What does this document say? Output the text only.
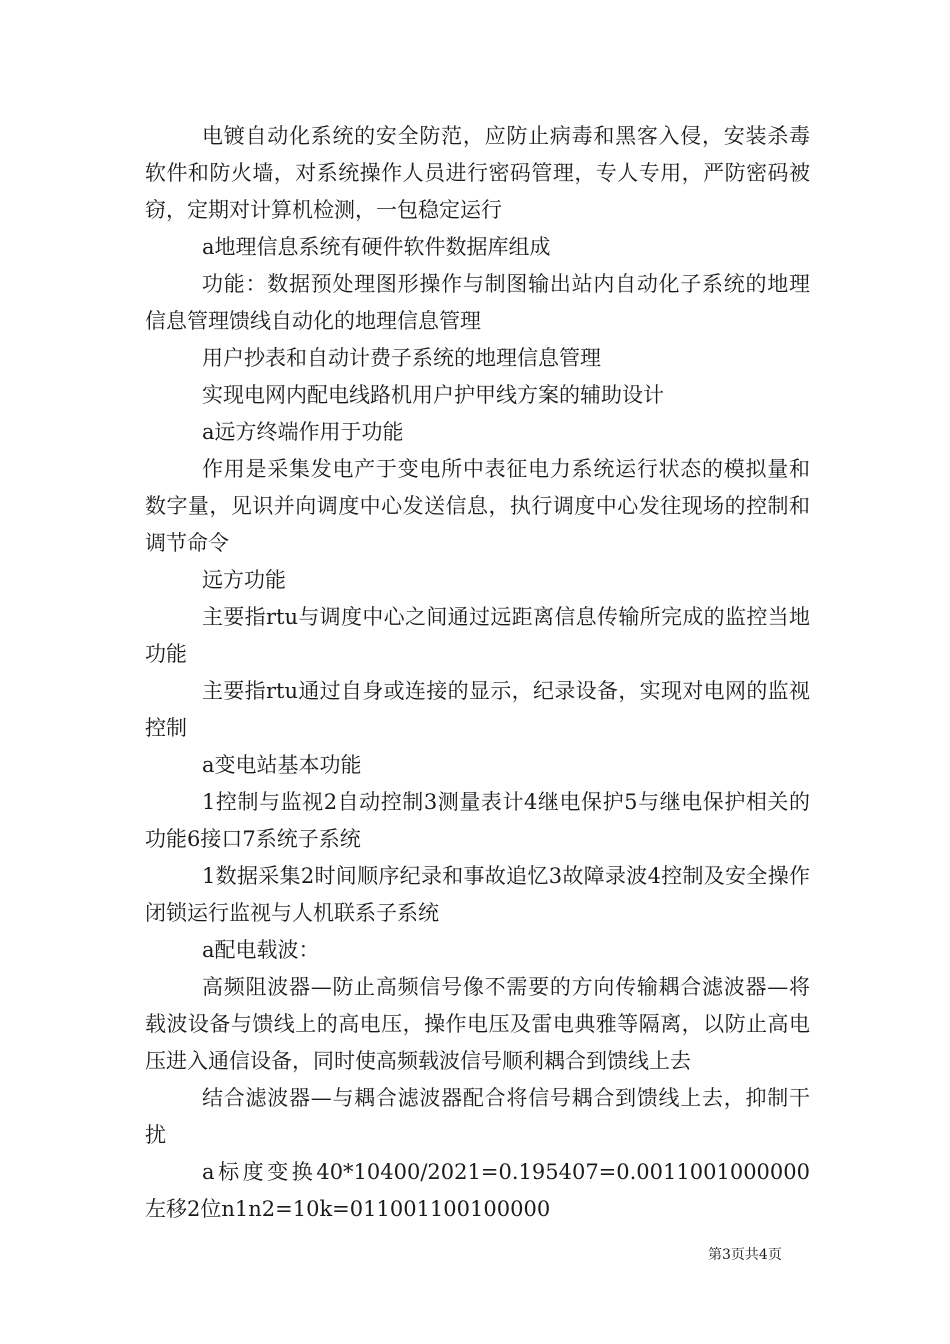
电镀自动化系统的安全防范，应防止病毒和黑客入侵，安装杀毒软件和防火墙，对系统操作人员进行密码管理，专人专用，严防密码被窃，定期对计算机检测，一包稳定运行

a地理信息系统有硬件软件数据库组成

功能：数据预处理图形操作与制图输出站内自动化子系统的地理信息管理馈线自动化的地理信息管理

用户抄表和自动计费子系统的地理信息管理

实现电网内配电线路机用户护甲线方案的辅助设计

a远方终端作用于功能

作用是采集发电产于变电所中表征电力系统运行状态的模拟量和数字量，见识并向调度中心发送信息，执行调度中心发往现场的控制和调节命令

远方功能

主要指rtu与调度中心之间通过远距离信息传输所完成的监控当地功能

主要指rtu通过自身或连接的显示，纪录设备，实现对电网的监视控制

a变电站基本功能

1控制与监视2自动控制3测量表计4继电保护5与继电保护相关的功能6接口7系统子系统

1数据采集2时间顺序纪录和事故追忆3故障录波4控制及安全操作闭锁运行监视与人机联系子系统

a配电载波：

高频阻波器—防止高频信号像不需要的方向传输耦合滤波器—将载波设备与馈线上的高电压，操作电压及雷电典雅等隔离，以防止高电压进入通信设备，同时使高频载波信号顺利耦合到馈线上去

结合滤波器—与耦合滤波器配合将信号耦合到馈线上去，抑制干扰

a标度变换40*10400/2021=0.195407=0.0011001000000左移2位n1n2=10k=011001100100000

第3页共4页
